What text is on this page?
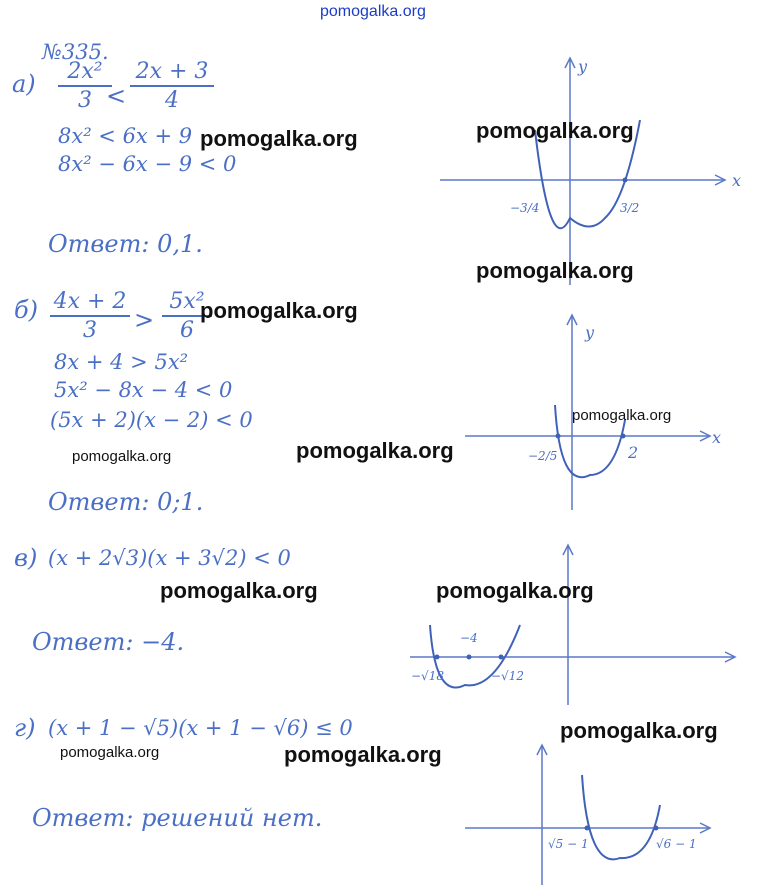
pomogalka.org
№335.
а)	2x²
3 <
2x + 3
4
8x² < 6x + 9
8x² − 6x − 9 < 0
Ответ: 0,1.
y
x
−3/4	3/2
б) 4x + 2
3	>
5x²
6
8x + 4 > 5x²
5x² − 8x − 4 < 0
(5x + 2)(x − 2) < 0
Ответ: 0;1.
y
x
−2/5	2
в) (x + 2√3)(x + 3√2) < 0
Ответ: −4.	−4
−√18	−√12
г) (x + 1 − √5)(x + 1 − √6) ≤ 0
Ответ: решений нет.
√5 − 1	√6 − 1
pomogalka.org	pomogalka.org
pomogalka.org
pomogalka.org
pomogalka.org
pomogalka.org	pomogalka.org
pomogalka.org	pomogalka.org
pomogalka.org
pomogalka.org	pomogalka.org
